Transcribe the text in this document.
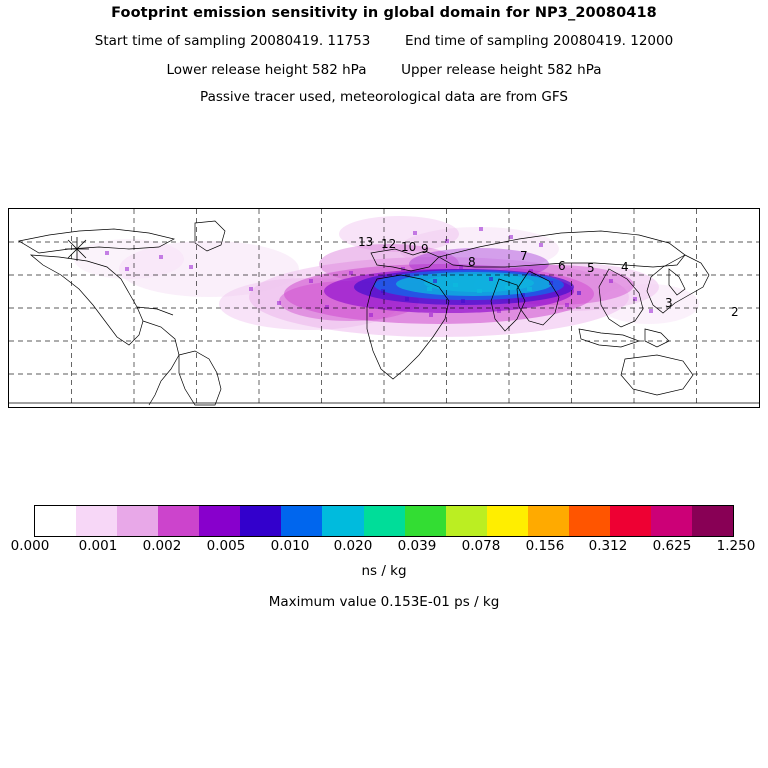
Footprint emission sensitivity in global domain for NP3_20080418
Start time of sampling 20080419. 11753	End time of sampling 20080419. 12000
Lower release height 582 hPa	Upper release height 582 hPa
Passive tracer used, meteorological data are from GFS
13 12 10 9
8	7
6 5 4
3
2
0.000	0.001	0.002	0.005	0.010	0.020	0.039	0.078	0.156	0.312	0.625	1.250
ns / kg
Maximum value 0.153E-01 ps / kg
